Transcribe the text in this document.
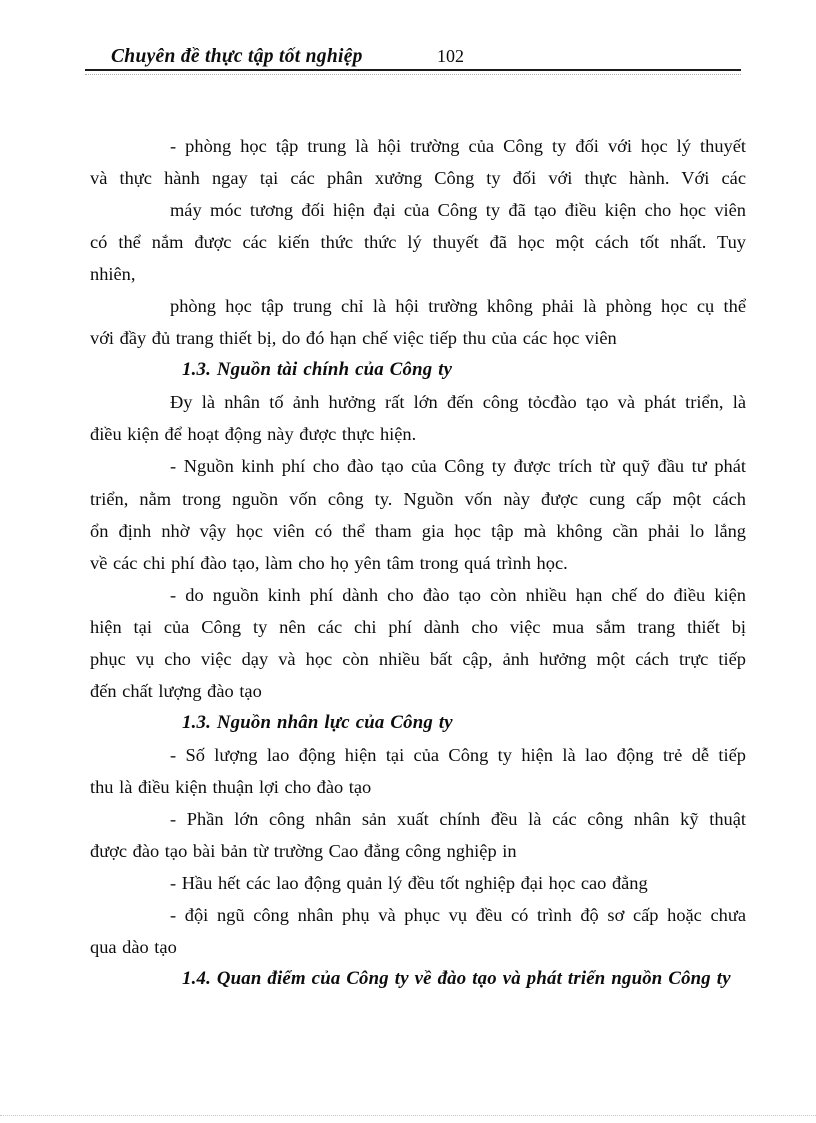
Chuyên đề thực tập tốt nghiệp	102
- phòng học tập trung là hội trường của Công ty đối với học lý thuyết
và thực hành ngay tại các phân xưởng Công ty đối với thực hành. Với các
máy móc tương đối hiện đại của Công ty đã tạo điều kiện cho học viên
có thể nắm được các kiến thức thức lý thuyết đã học một cách tốt nhất. Tuy
nhiên,
phòng học tập trung chỉ là hội trường không phải là phòng học cụ thể
với đầy đủ trang thiết bị, do đó hạn chế việc tiếp thu của các học viên
1.3. Nguồn tài chính của Công ty
Đy là nhân tố ảnh hưởng rất lớn đến công tỏcđào tạo và phát triển, là
điều kiện để hoạt động này được thực hiện.
- Nguồn kinh phí cho đào tạo của Công ty được trích từ quỹ đầu tư phát
triển, nằm trong nguồn vốn công ty. Nguồn vốn này được cung cấp một cách
ổn định nhờ vậy học viên có thể tham gia học tập mà không cần phải lo lắng
về các chi phí đào tạo, làm cho họ yên tâm trong quá trình học.
- do nguồn kinh phí dành cho đào tạo còn nhiều hạn chế do điều kiện
hiện tại của Công ty nên các chi phí dành cho việc mua sắm trang thiết bị
phục vụ cho việc dạy và học còn nhiều bất cập, ảnh hưởng một cách trực tiếp
đến chất lượng đào tạo
1.3. Nguồn nhân lực của Công ty
- Số lượng lao động hiện tại của Công ty hiện là lao động trẻ dễ tiếp
thu là điều kiện thuận lợi cho đào tạo
- Phần lớn công nhân sản xuất chính đều là các công nhân kỹ thuật
được đào tạo bài bản từ trường Cao đẳng công nghiệp in
- Hầu hết các lao động quản lý đều tốt nghiệp đại học cao đẳng
- đội ngũ công nhân phụ và phục vụ đều có trình độ sơ cấp hoặc chưa
qua dào tạo
1.4. Quan điểm của Công ty về đào tạo và phát triển nguồn Công ty
